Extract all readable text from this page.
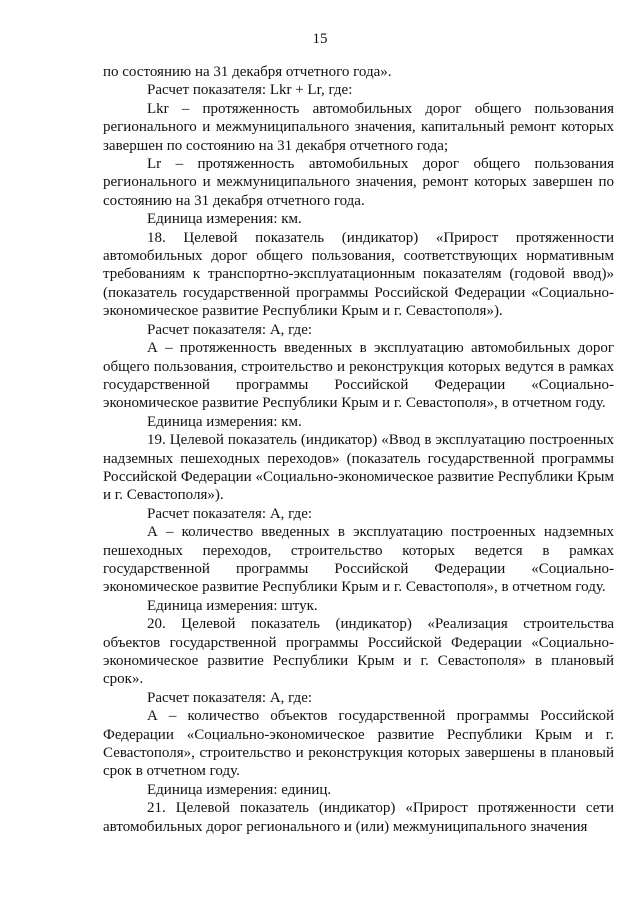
15

по состоянию на 31 декабря отчетного года».

Расчет показателя: Lkr + Lr, где:

Lkr – протяженность автомобильных дорог общего пользования регионального и межмуниципального значения, капитальный ремонт которых завершен по состоянию на 31 декабря отчетного года;

Lr – протяженность автомобильных дорог общего пользования регионального и межмуниципального значения, ремонт которых завершен по состоянию на 31 декабря отчетного года.

Единица измерения: км.

18. Целевой показатель (индикатор) «Прирост протяженности автомобильных дорог общего пользования, соответствующих нормативным требованиям к транспортно-эксплуатационным показателям (годовой ввод)» (показатель государственной программы Российской Федерации «Социально-экономическое развитие Республики Крым и г. Севастополя»).

Расчет показателя: А, где:

А – протяженность введенных в эксплуатацию автомобильных дорог общего пользования, строительство и реконструкция которых ведутся в рамках государственной программы Российской Федерации «Социально-экономическое развитие Республики Крым и г. Севастополя», в отчетном году.

Единица измерения: км.

19. Целевой показатель (индикатор) «Ввод в эксплуатацию построенных надземных пешеходных переходов» (показатель государственной программы Российской Федерации «Социально-экономическое развитие Республики Крым и г. Севастополя»).

Расчет показателя: А, где:

А – количество введенных в эксплуатацию построенных надземных пешеходных переходов, строительство которых ведется в рамках государственной программы Российской Федерации «Социально-экономическое развитие Республики Крым и г. Севастополя», в отчетном году.

Единица измерения: штук.

20. Целевой показатель (индикатор) «Реализация строительства объектов государственной программы Российской Федерации «Социально-экономическое развитие Республики Крым и г. Севастополя» в плановый срок».

Расчет показателя: А, где:

А – количество объектов государственной программы Российской Федерации «Социально-экономическое развитие Республики Крым и г. Севастополя», строительство и реконструкция которых завершены в плановый срок в отчетном году.

Единица измерения: единиц.

21. Целевой показатель (индикатор) «Прирост протяженности сети автомобильных дорог регионального и (или) межмуниципального значения
